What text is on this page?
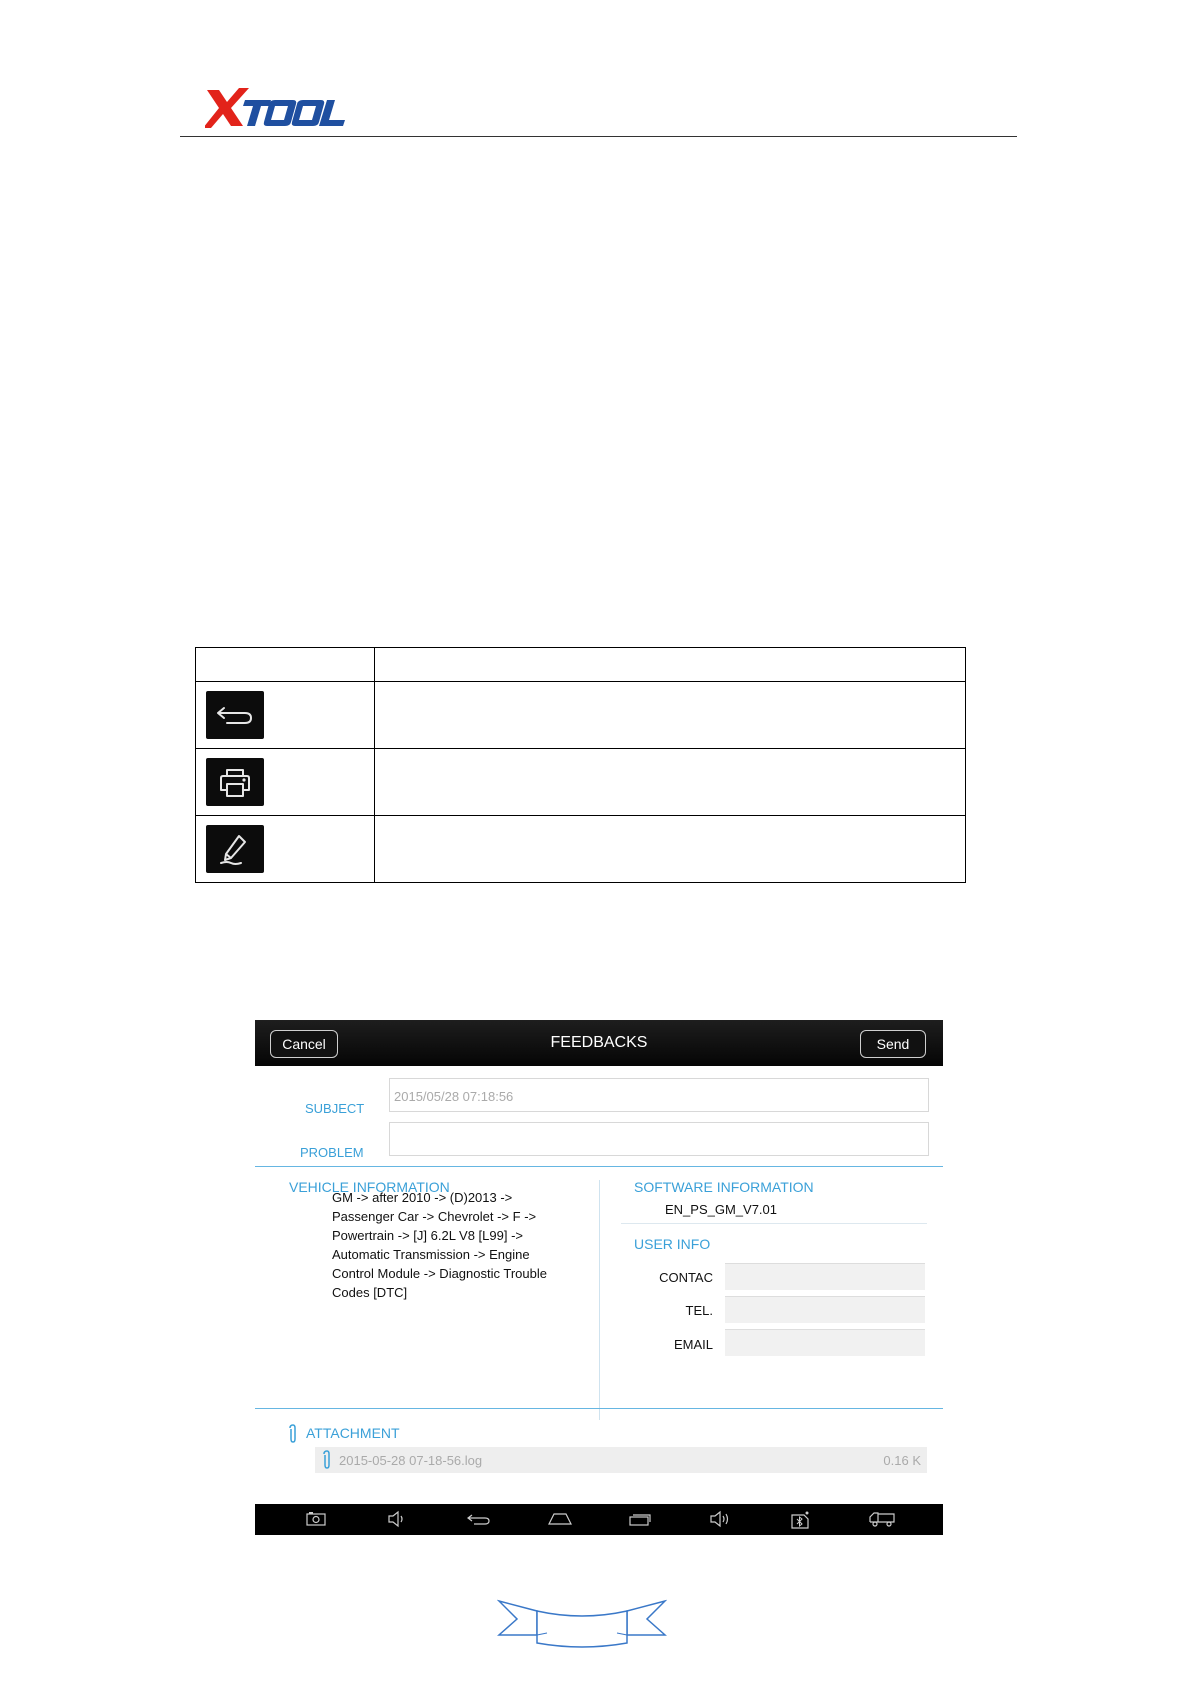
XTOOL

Cancel	FEEDBACKS	Send
SUBJECT
2015/05/28 07:18:56
PROBLEM
VEHICLE INFORMATION
GM -> after 2010 -> (D)2013 ->
Passenger Car -> Chevrolet -> F ->
Powertrain -> [J] 6.2L V8 [L99] ->
Automatic Transmission -> Engine
Control Module -> Diagnostic Trouble
Codes [DTC]
SOFTWARE INFORMATION
EN_PS_GM_V7.01
USER INFO
CONTAC
TEL.
EMAIL
ATTACHMENT
2015-05-28 07-18-56.log	0.16 K
